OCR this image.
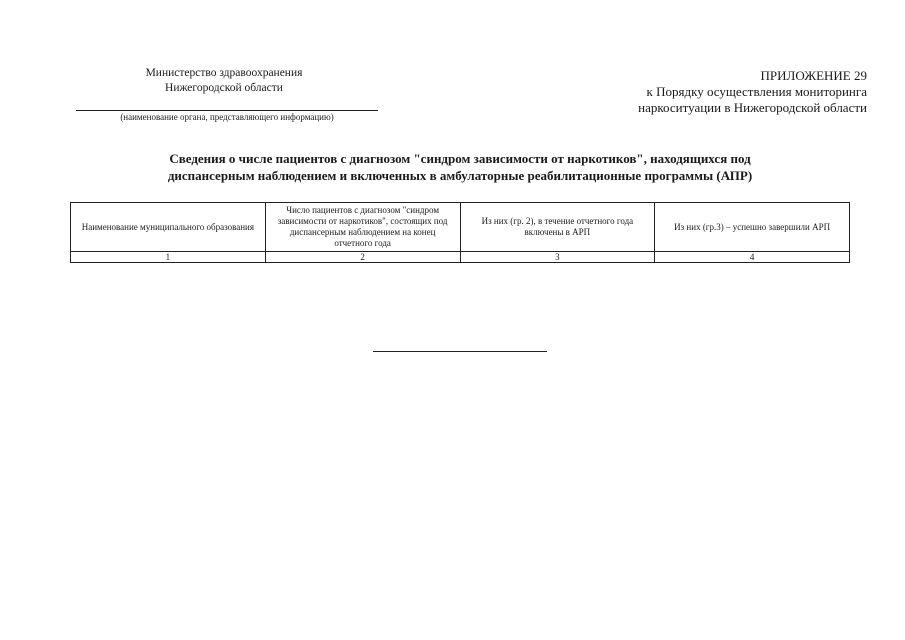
Министерство здравоохранения
Нижегородской области
(наименование органа, представляющего информацию)
ПРИЛОЖЕНИЕ 29
к Порядку осуществления мониторинга
наркоситуации в Нижегородской области
Сведения о числе пациентов с диагнозом "синдром зависимости от наркотиков", находящихся под
диспансерным наблюдением и включенных в амбулаторные реабилитационные программы (АПР)
Наименование муниципального образования	Число пациентов с диагнозом "синдром зависимости от наркотиков", состоящих под диспансерным наблюдением на конец отчетного года	Из них (гр. 2), в течение отчетного года включены в АРП	Из них (гр.3) – успешно завершили АРП
1	2	3	4
